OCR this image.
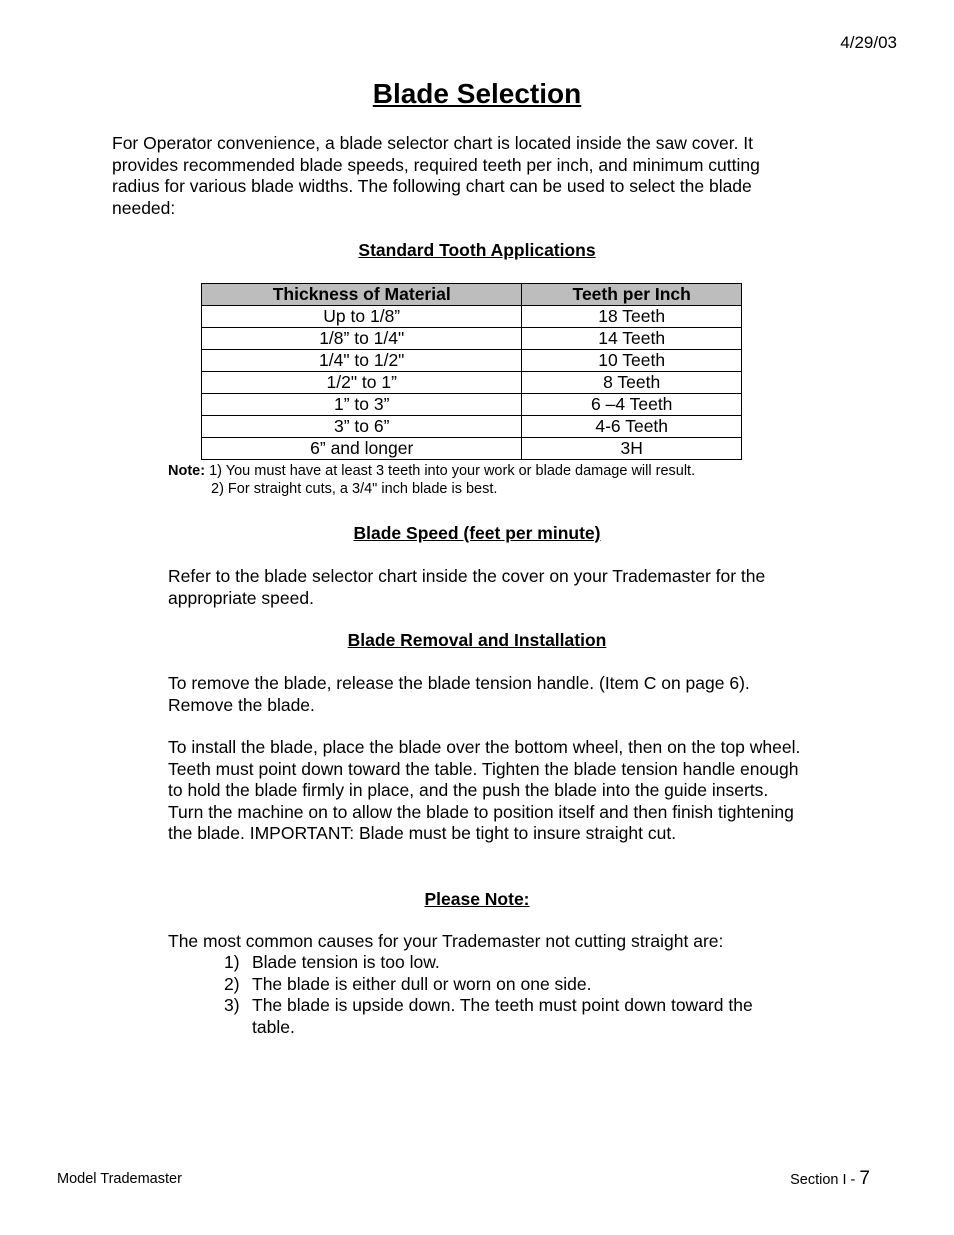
4/29/03
Blade Selection
For Operator convenience, a blade selector chart is located inside the saw cover. It provides recommended blade speeds, required teeth per inch, and minimum cutting radius for various blade widths. The following chart can be used to select the blade needed:
Standard Tooth Applications
Thickness of Material	Teeth per Inch
Up to 1/8”	18 Teeth
1/8” to 1/4"	14 Teeth
1/4" to 1/2"	10 Teeth
1/2" to 1”	8 Teeth
1” to 3”	6 –4 Teeth
3” to 6”	4-6 Teeth
6” and longer	3H
Note: 1) You must have at least 3 teeth into your work or blade damage will result.
2) For straight cuts, a 3/4" inch blade is best.
Blade Speed (feet per minute)
Refer to the blade selector chart inside the cover on your Trademaster for the appropriate speed.
Blade Removal and Installation
To remove the blade, release the blade tension handle. (Item C on page 6). Remove the blade.
To install the blade, place the blade over the bottom wheel, then on the top wheel. Teeth must point down toward the table. Tighten the blade tension handle enough to hold the blade firmly in place, and the push the blade into the guide inserts. Turn the machine on to allow the blade to position itself and then finish tightening the blade. IMPORTANT: Blade must be tight to insure straight cut.
Please Note:
The most common causes for your Trademaster not cutting straight are:
1) Blade tension is too low.
2) The blade is either dull or worn on one side.
3) The blade is upside down. The teeth must point down toward the table.
Model Trademaster	Section I - 7
